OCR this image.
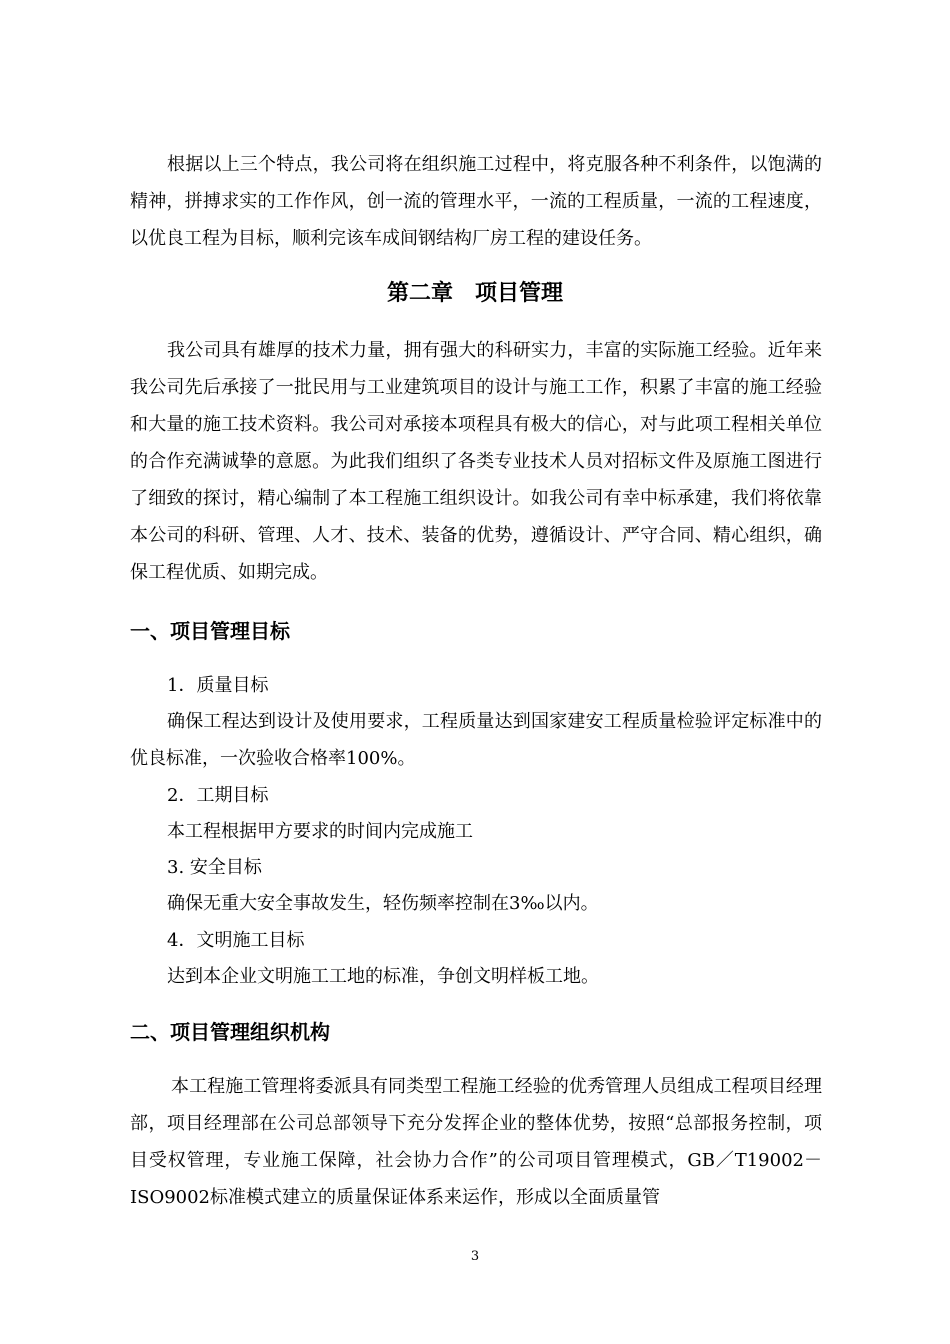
根据以上三个特点，我公司将在组织施工过程中，将克服各种不利条件，以饱满的精神，拼搏求实的工作作风，创一流的管理水平，一流的工程质量，一流的工程速度，以优良工程为目标，顺利完该车成间钢结构厂房工程的建设任务。

第二章　项目管理

我公司具有雄厚的技术力量，拥有强大的科研实力，丰富的实际施工经验。近年来我公司先后承接了一批民用与工业建筑项目的设计与施工工作，积累了丰富的施工经验和大量的施工技术资料。我公司对承接本项程具有极大的信心，对与此项工程相关单位的合作充满诚挚的意愿。为此我们组织了各类专业技术人员对招标文件及原施工图进行了细致的探讨，精心编制了本工程施工组织设计。如我公司有幸中标承建，我们将依靠本公司的科研、管理、人才、技术、装备的优势，遵循设计、严守合同、精心组织，确保工程优质、如期完成。

一、项目管理目标
1．质量目标

确保工程达到设计及使用要求，工程质量达到国家建安工程质量检验评定标准中的优良标准，一次验收合格率100%。

2．工期目标
本工程根据甲方要求的时间内完成施工
3. 安全目标
确保无重大安全事故发生，轻伤频率控制在3‰以内。
4．文明施工目标
达到本企业文明施工工地的标准，争创文明样板工地。
二、项目管理组织机构

本工程施工管理将委派具有同类型工程施工经验的优秀管理人员组成工程项目经理部，项目经理部在公司总部领导下充分发挥企业的整体优势，按照“总部报务控制，项目受权管理，专业施工保障，社会协力合作”的公司项目管理模式，GB／T19002－ISO9002标准模式建立的质量保证体系来运作，形成以全面质量管

3
